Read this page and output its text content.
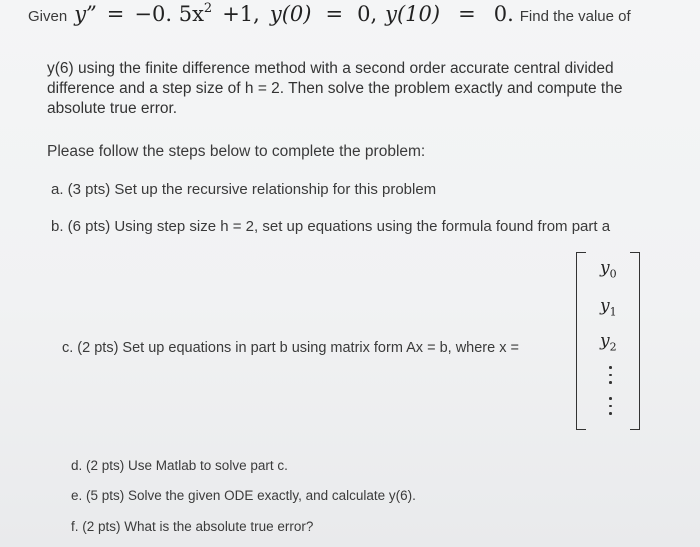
Given y” = −0. $5x^2 +1$, y(0) = 0, y(10) = 0. Find the value of
y(6) using the finite difference method with a second order accurate central divided
difference and a step size of h = 2. Then solve the problem exactly and compute the
absolute true error.
Please follow the steps below to complete the problem:
a. (3 pts) Set up the recursive relationship for this problem
b. (6 pts) Using step size h = 2, set up equations using the formula found from part a
c. (2 pts) Set up equations in part b using matrix form Ax = b, where x =
$y_0$
$y_1$
$y_2$
d. (2 pts) Use Matlab to solve part c.
e. (5 pts) Solve the given ODE exactly, and calculate y(6).
f. (2 pts) What is the absolute true error?
